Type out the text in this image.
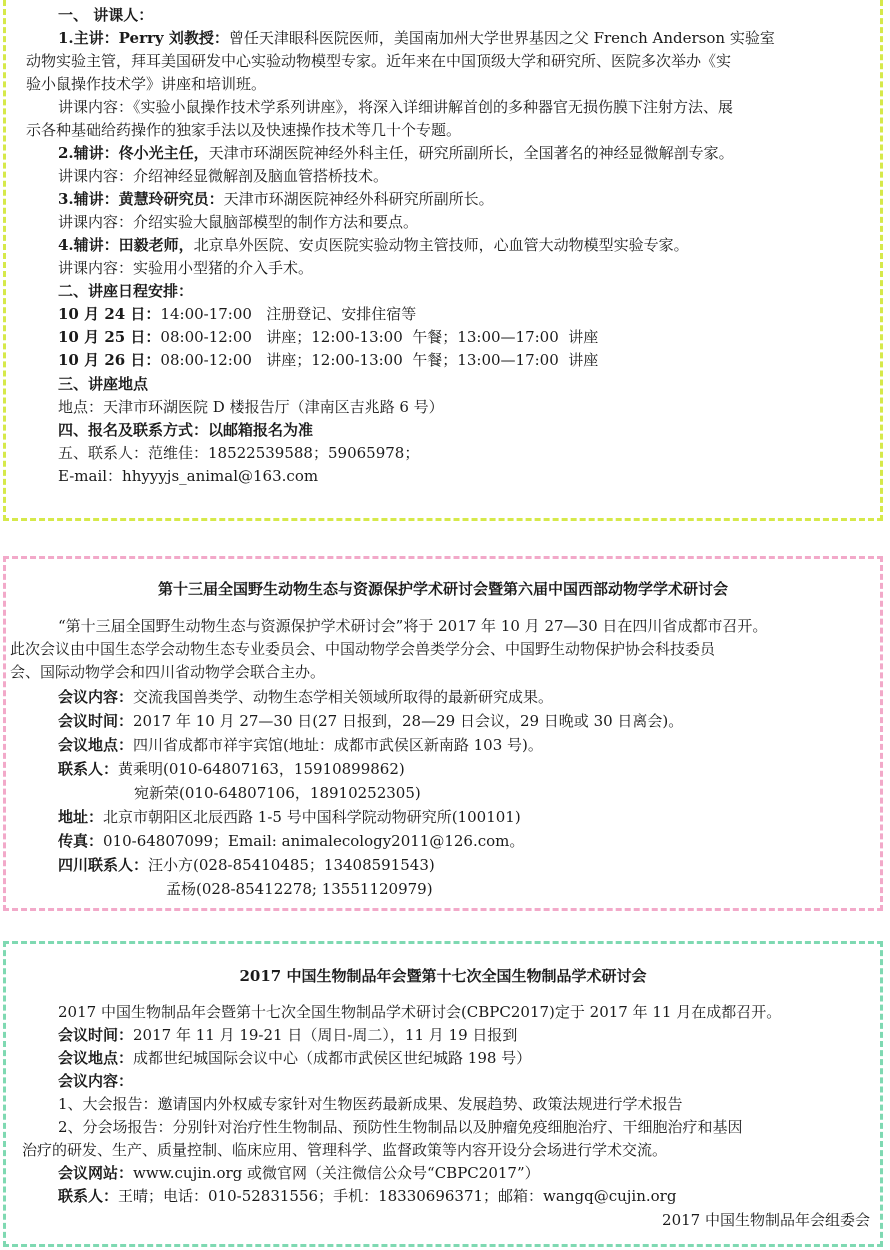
一、 讲课人：
1.主讲：Perry 刘教授：曾任天津眼科医院医师，美国南加州大学世界基因之父 French Anderson 实验室
动物实验主管，拜耳美国研发中心实验动物模型专家。近年来在中国顶级大学和研究所、医院多次举办《实
验小鼠操作技术学》讲座和培训班。
讲课内容：《实验小鼠操作技术学系列讲座》，将深入详细讲解首创的多种器官无损伤膜下注射方法、展
示各种基础给药操作的独家手法以及快速操作技术等几十个专题。
2.辅讲：佟小光主任，天津市环湖医院神经外科主任，研究所副所长，全国著名的神经显微解剖专家。
讲课内容：介绍神经显微解剖及脑血管搭桥技术。
3.辅讲：黄慧玲研究员：天津市环湖医院神经外科研究所副所长。
讲课内容：介绍实验大鼠脑部模型的制作方法和要点。
4.辅讲：田毅老师，北京阜外医院、安贞医院实验动物主管技师，心血管大动物模型实验专家。
讲课内容：实验用小型猪的介入手术。
二、讲座日程安排：
10 月 24 日：14:00-17:00   注册登记、安排住宿等
10 月 25 日：08:00-12:00   讲座；12:00-13:00  午餐；13:00—17:00  讲座
10 月 26 日：08:00-12:00   讲座；12:00-13:00  午餐；13:00—17:00  讲座
三、讲座地点
地点：天津市环湖医院 D 楼报告厅（津南区吉兆路 6 号）
四、报名及联系方式：以邮箱报名为准
五、联系人：范维佳：18522539588；59065978；
E-mail：hhyyyjs_animal@163.com
第十三届全国野生动物生态与资源保护学术研讨会暨第六届中国西部动物学学术研讨会
“第十三届全国野生动物生态与资源保护学术研讨会”将于 2017 年 10 月 27—30 日在四川省成都市召开。
此次会议由中国生态学会动物生态专业委员会、中国动物学会兽类学分会、中国野生动物保护协会科技委员
会、国际动物学会和四川省动物学会联合主办。
会议内容：交流我国兽类学、动物生态学相关领域所取得的最新研究成果。
会议时间：2017 年 10 月 27—30 日(27 日报到，28—29 日会议，29 日晚或 30 日离会)。
会议地点：四川省成都市祥宇宾馆(地址：成都市武侯区新南路 103 号)。
联系人：黄乘明(010-64807163，15910899862)
宛新荣(010-64807106，18910252305)
地址：北京市朝阳区北辰西路 1-5 号中国科学院动物研究所(100101)
传真：010-64807099；Email: animalecology2011@126.com。
四川联系人：汪小方(028-85410485；13408591543)
孟杨(028-85412278; 13551120979)
2017 中国生物制品年会暨第十七次全国生物制品学术研讨会
2017 中国生物制品年会暨第十七次全国生物制品学术研讨会(CBPC2017)定于 2017 年 11 月在成都召开。
会议时间：2017 年 11 月 19-21 日（周日-周二），11 月 19 日报到
会议地点：成都世纪城国际会议中心（成都市武侯区世纪城路 198 号）
会议内容：
1、大会报告：邀请国内外权威专家针对生物医药最新成果、发展趋势、政策法规进行学术报告
2、分会场报告：分别针对治疗性生物制品、预防性生物制品以及肿瘤免疫细胞治疗、干细胞治疗和基因
治疗的研发、生产、质量控制、临床应用、管理科学、监督政策等内容开设分会场进行学术交流。
会议网站：www.cujin.org 或微官网（关注微信公众号“CBPC2017”）
联系人：王晴；电话：010-52831556；手机：18330696371；邮箱：wangq@cujin.org
2017 中国生物制品年会组委会
